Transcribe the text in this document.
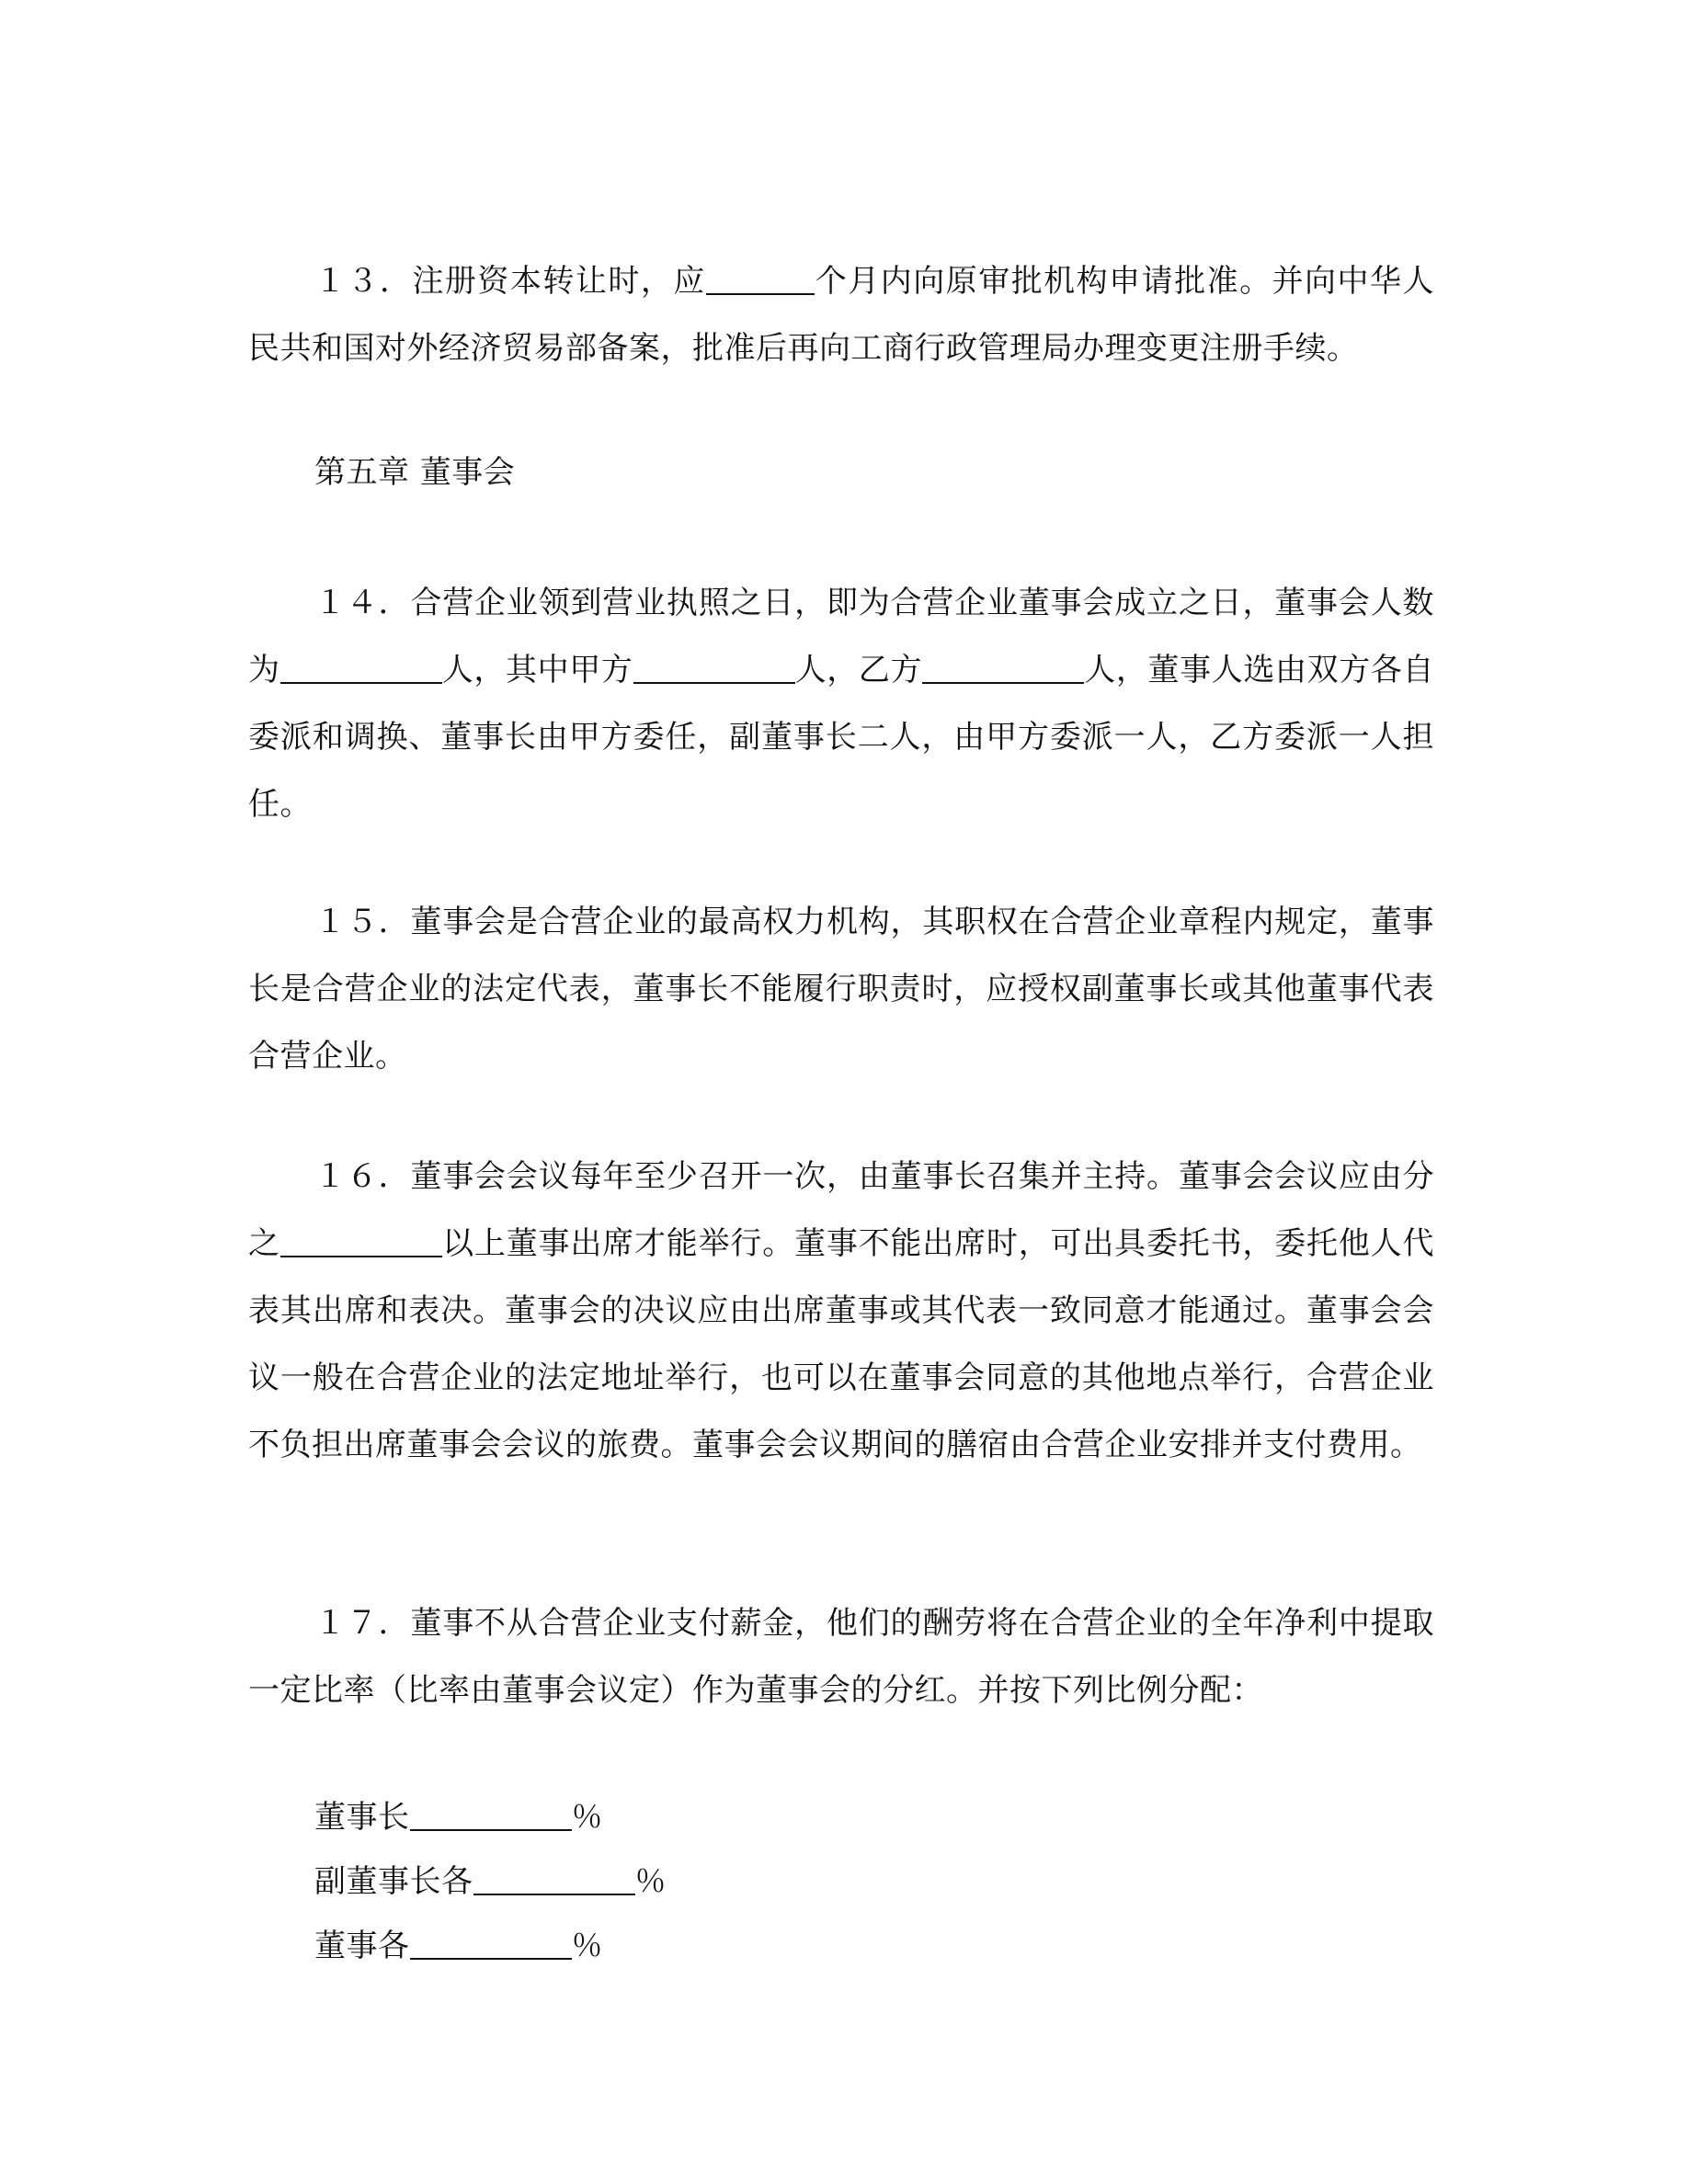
１３．注册资本转让时，应	个月内向原审批机构申请批准。并向中华人民共和国对外经济贸易部备案，批准后再向工商行政管理局办理变更注册手续。

第五章 董事会

１４．合营企业领到营业执照之日，即为合营企业董事会成立之日，董事会人数为	人，其中甲方	人，乙方	人，董事人选由双方各自委派和调换、董事长由甲方委任，副董事长二人，由甲方委派一人，乙方委派一人担任。

１５．董事会是合营企业的最高权力机构，其职权在合营企业章程内规定，董事长是合营企业的法定代表，董事长不能履行职责时，应授权副董事长或其他董事代表合营企业。

１６．董事会会议每年至少召开一次，由董事长召集并主持。董事会会议应由分之	以上董事出席才能举行。董事不能出席时，可出具委托书，委托他人代表其出席和表决。董事会的决议应由出席董事或其代表一致同意才能通过。董事会会议一般在合营企业的法定地址举行，也可以在董事会同意的其他地点举行，合营企业不负担出席董事会会议的旅费。董事会会议期间的膳宿由合营企业安排并支付费用。

１７．董事不从合营企业支付薪金，他们的酬劳将在合营企业的全年净利中提取一定比率（比率由董事会议定）作为董事会的分红。并按下列比例分配：

董事长	％
副董事长各	％
董事各	％
